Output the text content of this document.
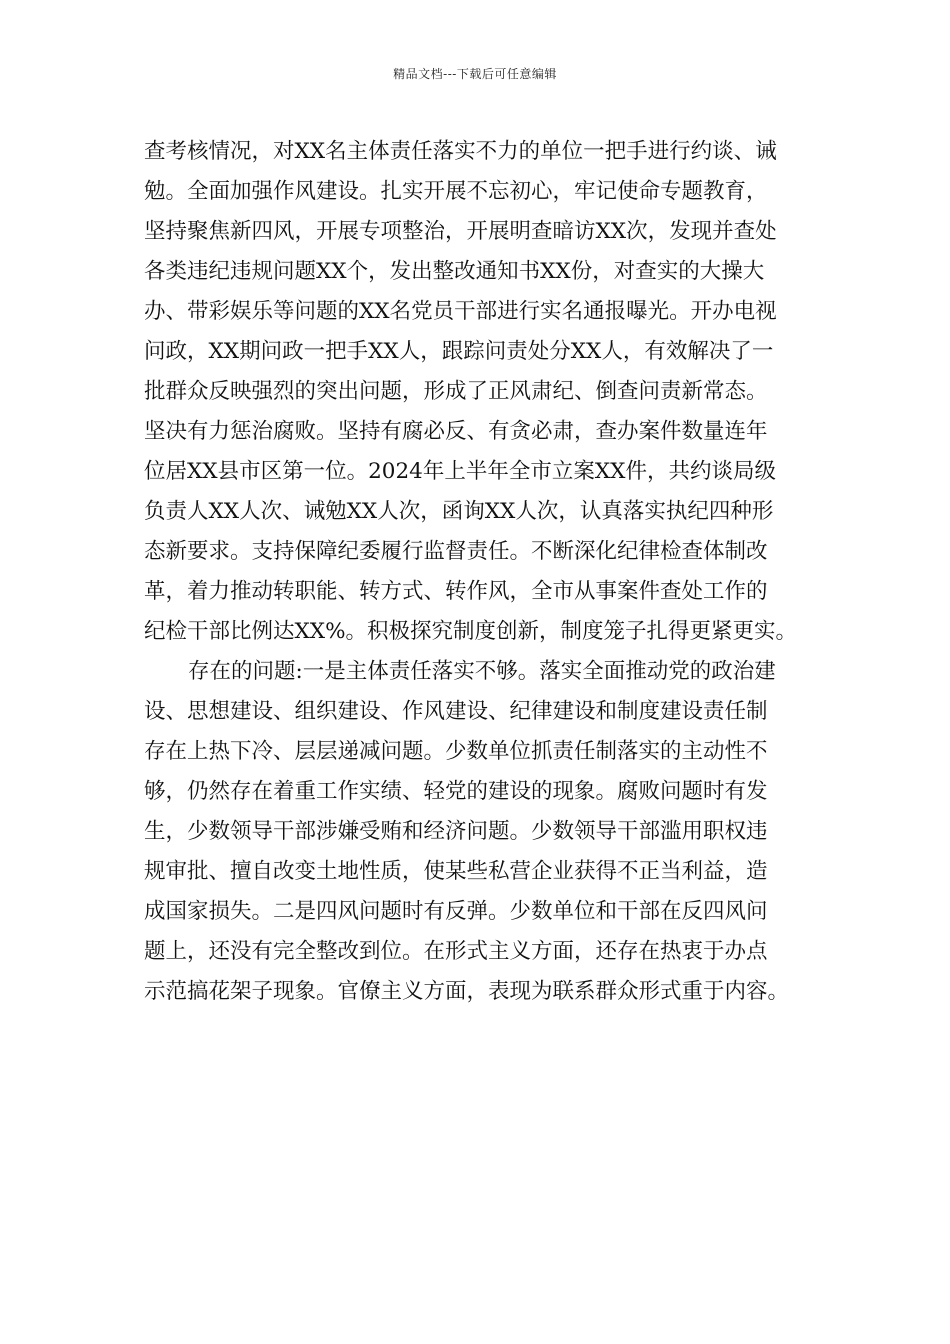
精品文档---下载后可任意编辑
查考核情况，对XX名主体责任落实不力的单位一把手进行约谈、诫
勉。全面加强作风建设。扎实开展不忘初心，牢记使命专题教育，
坚持聚焦新四风，开展专项整治，开展明查暗访XX次，发现并查处
各类违纪违规问题XX个，发出整改通知书XX份，对查实的大操大
办、带彩娱乐等问题的XX名党员干部进行实名通报曝光。开办电视
问政，XX期问政一把手XX人，跟踪问责处分XX人，有效解决了一
批群众反映强烈的突出问题，形成了正风肃纪、倒查问责新常态。
坚决有力惩治腐败。坚持有腐必反、有贪必肃，查办案件数量连年
位居XX县市区第一位。2024年上半年全市立案XX件，共约谈局级
负责人XX人次、诫勉XX人次，函询XX人次，认真落实执纪四种形
态新要求。支持保障纪委履行监督责任。不断深化纪律检查体制改
革，着力推动转职能、转方式、转作风，全市从事案件查处工作的
纪检干部比例达XX%。积极探究制度创新，制度笼子扎得更紧更实。
存在的问题:一是主体责任落实不够。落实全面推动党的政治建
设、思想建设、组织建设、作风建设、纪律建设和制度建设责任制
存在上热下冷、层层递减问题。少数单位抓责任制落实的主动性不
够，仍然存在着重工作实绩、轻党的建设的现象。腐败问题时有发
生，少数领导干部涉嫌受贿和经济问题。少数领导干部滥用职权违
规审批、擅自改变土地性质，使某些私营企业获得不正当利益，造
成国家损失。二是四风问题时有反弹。少数单位和干部在反四风问
题上，还没有完全整改到位。在形式主义方面，还存在热衷于办点
示范搞花架子现象。官僚主义方面，表现为联系群众形式重于内容。
